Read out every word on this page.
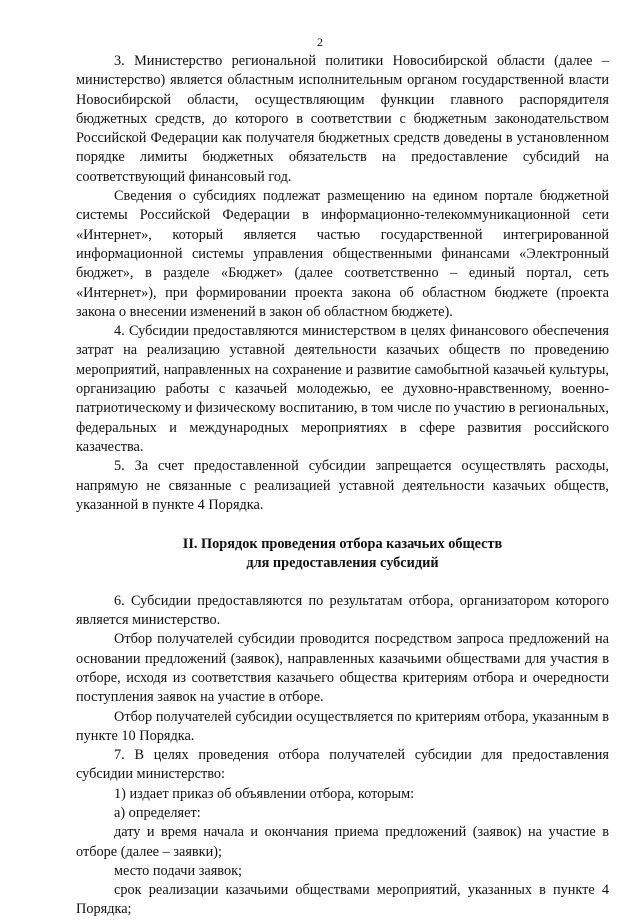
2

3. Министерство региональной политики Новосибирской области (далее – министерство) является областным исполнительным органом государственной власти Новосибирской области, осуществляющим функции главного распорядителя бюджетных средств, до которого в соответствии с бюджетным законодательством Российской Федерации как получателя бюджетных средств доведены в установленном порядке лимиты бюджетных обязательств на предоставление субсидий на соответствующий финансовый год.

Сведения о субсидиях подлежат размещению на едином портале бюджетной системы Российской Федерации в информационно-телекоммуникационной сети «Интернет», который является частью государственной интегрированной информационной системы управления общественными финансами «Электронный бюджет», в разделе «Бюджет» (далее соответственно – единый портал, сеть «Интернет»), при формировании проекта закона об областном бюджете (проекта закона о внесении изменений в закон об областном бюджете).

4. Субсидии предоставляются министерством в целях финансового обеспечения затрат на реализацию уставной деятельности казачьих обществ по проведению мероприятий, направленных на сохранение и развитие самобытной казачьей культуры, организацию работы с казачьей молодежью, ее духовно-нравственному, военно-патриотическому и физическому воспитанию, в том числе по участию в региональных, федеральных и международных мероприятиях в сфере развития российского казачества.

5. За счет предоставленной субсидии запрещается осуществлять расходы, напрямую не связанные с реализацией уставной деятельности казачьих обществ, указанной в пункте 4 Порядка.

II. Порядок проведения отбора казачьих обществ
для предоставления субсидий

6. Субсидии предоставляются по результатам отбора, организатором которого является министерство.

Отбор получателей субсидии проводится посредством запроса предложений на основании предложений (заявок), направленных казачьими обществами для участия в отборе, исходя из соответствия казачьего общества критериям отбора и очередности поступления заявок на участие в отборе.

Отбор получателей субсидии осуществляется по критериям отбора, указанным в пункте 10 Порядка.

7. В целях проведения отбора получателей субсидии для предоставления субсидии министерство:

1) издает приказ об объявлении отбора, которым:

а) определяет:

дату и время начала и окончания приема предложений (заявок) на участие в отборе (далее – заявки);

место подачи заявок;

срок реализации казачьими обществами мероприятий, указанных в пункте 4 Порядка;
